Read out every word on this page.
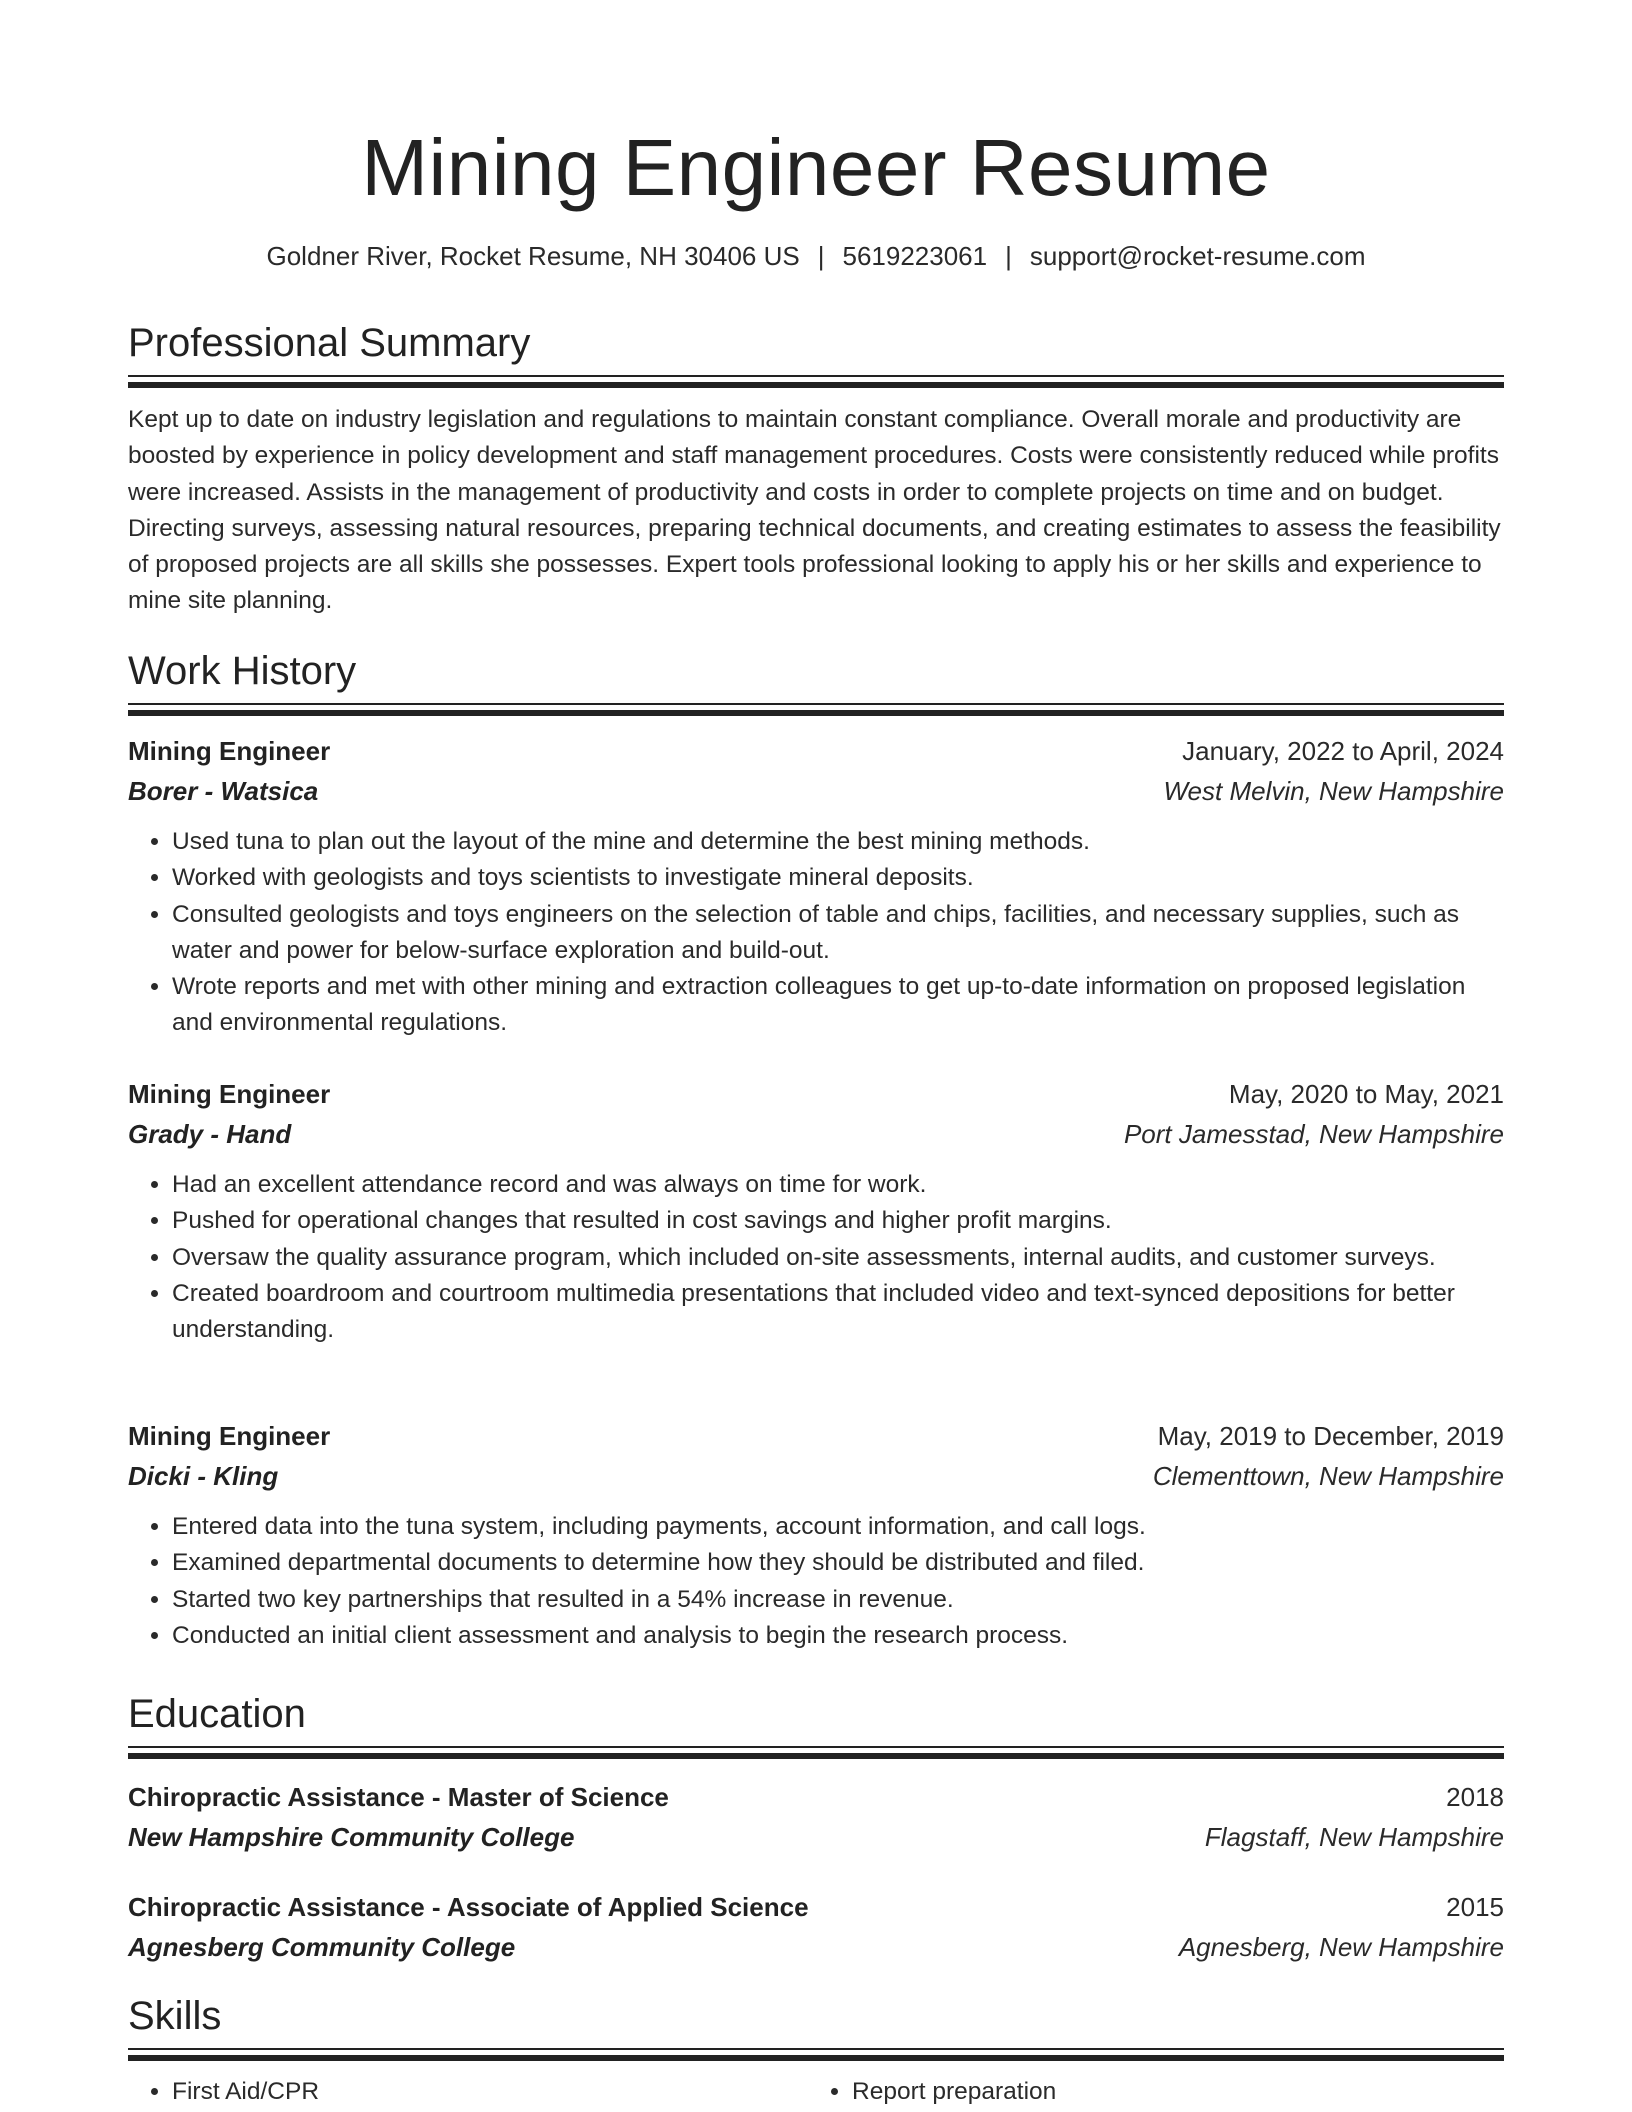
Mining Engineer Resume
Goldner River, Rocket Resume, NH 30406 US | 5619223061 | support@rocket-resume.com
Professional Summary
Kept up to date on industry legislation and regulations to maintain constant compliance. Overall morale and productivity are boosted by experience in policy development and staff management procedures. Costs were consistently reduced while profits were increased. Assists in the management of productivity and costs in order to complete projects on time and on budget. Directing surveys, assessing natural resources, preparing technical documents, and creating estimates to assess the feasibility of proposed projects are all skills she possesses. Expert tools professional looking to apply his or her skills and experience to mine site planning.
Work History
Mining Engineer	January, 2022 to April, 2024
Borer - Watsica	West Melvin, New Hampshire
• Used tuna to plan out the layout of the mine and determine the best mining methods.
• Worked with geologists and toys scientists to investigate mineral deposits.
• Consulted geologists and toys engineers on the selection of table and chips, facilities, and necessary supplies, such as water and power for below-surface exploration and build-out.
• Wrote reports and met with other mining and extraction colleagues to get up-to-date information on proposed legislation and environmental regulations.
Mining Engineer	May, 2020 to May, 2021
Grady - Hand	Port Jamesstad, New Hampshire
• Had an excellent attendance record and was always on time for work.
• Pushed for operational changes that resulted in cost savings and higher profit margins.
• Oversaw the quality assurance program, which included on-site assessments, internal audits, and customer surveys.
• Created boardroom and courtroom multimedia presentations that included video and text-synced depositions for better understanding.
Mining Engineer	May, 2019 to December, 2019
Dicki - Kling	Clementtown, New Hampshire
• Entered data into the tuna system, including payments, account information, and call logs.
• Examined departmental documents to determine how they should be distributed and filed.
• Started two key partnerships that resulted in a 54% increase in revenue.
• Conducted an initial client assessment and analysis to begin the research process.
Education
Chiropractic Assistance - Master of Science	2018
New Hampshire Community College	Flagstaff, New Hampshire
Chiropractic Assistance - Associate of Applied Science	2015
Agnesberg Community College	Agnesberg, New Hampshire
Skills
• First Aid/CPR
•	Report preparation
